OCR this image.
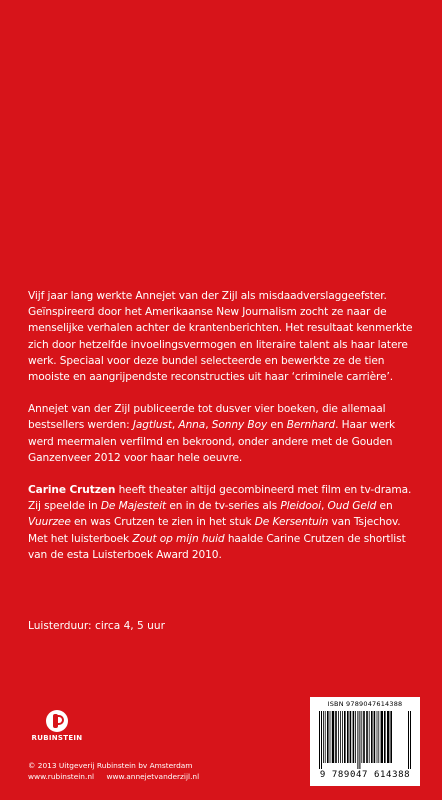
Vijf jaar lang werkte Annejet van der Zijl als misdaadverslaggeefster. Geïnspireerd door het Amerikaanse New Journalism zocht ze naar de menselijke verhalen achter de krantenberichten. Het resultaat kenmerkte zich door hetzelfde invoelingsvermogen en literaire talent als haar latere werk. Speciaal voor deze bundel selecteerde en bewerkte ze de tien mooiste en aangrijpendste reconstructies uit haar ‘criminele carrière’.

Annejet van der Zijl publiceerde tot dusver vier boeken, die allemaal bestsellers werden: Jagtlust, Anna, Sonny Boy en Bernhard. Haar werk werd meermalen verfilmd en bekroond, onder andere met de Gouden Ganzenveer 2012 voor haar hele oeuvre.

Carine Crutzen heeft theater altijd gecombineerd met film en tv-drama. Zij speelde in De Majesteit en in de tv-series als Pleidooi, Oud Geld en Vuurzee en was Crutzen te zien in het stuk De Kersentuin van Tsjechov. Met het luisterboek Zout op mijn huid haalde Carine Crutzen de shortlist van de esta Luisterboek Award 2010.

Luisterduur: circa 4, 5 uur
RUBINSTEIN
© 2013 Uitgeverij Rubinstein bv Amsterdam
www.rubinstein.nl www.annejetvanderzijl.nl
ISBN 9789047614388
9 789047 614388
